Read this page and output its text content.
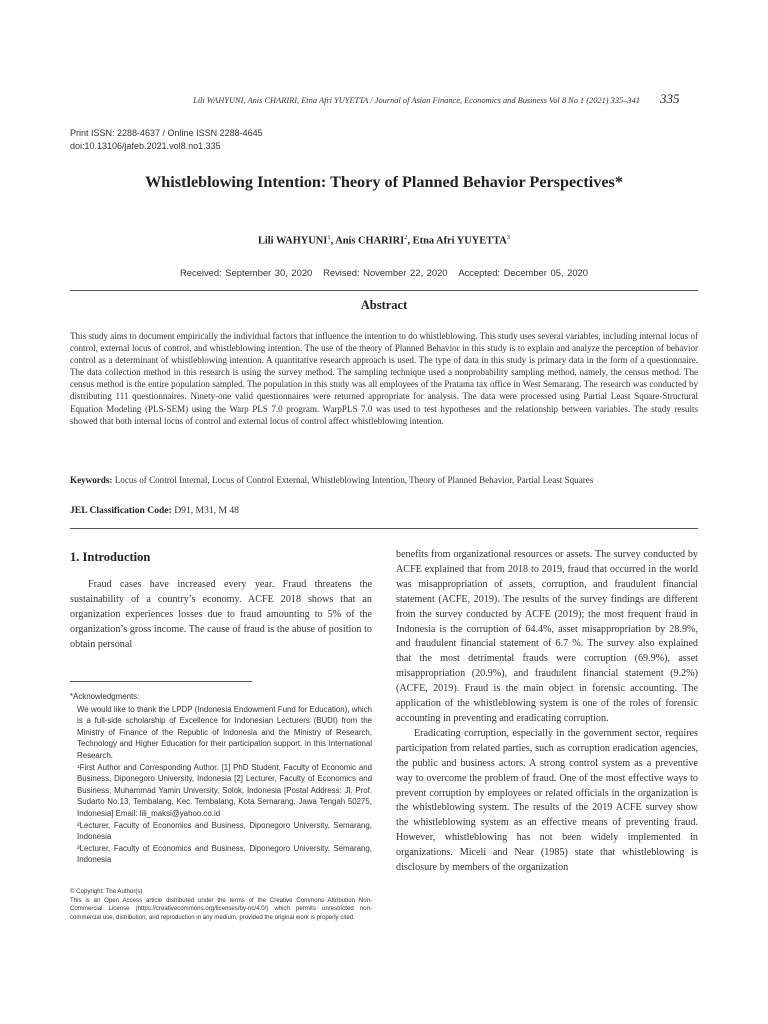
Lili WAHYUNI, Anis CHARIRI, Etna Afri YUYETTA / Journal of Asian Finance, Economics and Business Vol 8 No 1 (2021) 335–341 335
Print ISSN: 2288-4637 / Online ISSN 2288-4645
doi:10.13106/jafeb.2021.vol8.no1.335
Whistleblowing Intention: Theory of Planned Behavior Perspectives*
Lili WAHYUNI$^1$, Anis CHARIRI$^2$, Etna Afri YUYETTA$^3$
Received: September 30, 2020 Revised: November 22, 2020 Accepted: December 05, 2020
Abstract
This study aims to document empirically the individual factors that influence the intention to do whistleblowing. This study uses several variables, including internal locus of control, external locus of control, and whistleblowing intention. The use of the theory of Planned Behavior in this study is to explain and analyze the perception of behavior control as a determinant of whistleblowing intention. A quantitative research approach is used. The type of data in this study is primary data in the form of a questionnaire. The data collection method in this research is using the survey method. The sampling technique used a nonprobability sampling method, namely, the census method. The census method is the entire population sampled. The population in this study was all employees of the Pratama tax office in West Semarang. The research was conducted by distributing 111 questionnaires. Ninety-one valid questionnaires were returned appropriate for analysis. The data were processed using Partial Least Square-Structural Equation Modeling (PLS-SEM) using the Warp PLS 7.0 program. WarpPLS 7.0 was used to test hypotheses and the relationship between variables. The study results showed that both internal locus of control and external locus of control affect whistleblowing intention.
Keywords: Locus of Control Internal, Locus of Control External, Whistleblowing Intention, Theory of Planned Behavior, Partial Least Squares
JEL Classification Code: D91, M31, M 48
1. Introduction

Fraud cases have increased every year. Fraud threatens the sustainability of a country’s economy. ACFE 2018 shows that an organization experiences losses due to fraud amounting to 5% of the organization’s gross income. The cause of fraud is the abuse of position to obtain personal

*Acknowledgments:

We would like to thank the LPDP (Indonesia Endowment Fund for Education), which is a full-side scholarship of Excellence for Indonesian Lecturers (BUDI) from the Ministry of Finance of the Republic of Indonesia and the Ministry of Research, Technology and Higher Education for their participation support. in this International Research.

¹First Author and Corresponding Author. [1] PhD Student, Faculty of Economic and Business, Diponegoro University, Indonesia [2] Lecturer, Faculty of Economics and Business, Muhammad Yamin University, Solok, Indonesia [Postal Address: Jl. Prof. Sudarto No.13, Tembalang, Kec. Tembalang, Kota Semarang, Jawa Tengah 50275, Indonesia] Email: lili_maksi@yahoo.co.id

²Lecturer, Faculty of Economics and Business, Diponegoro University, Semarang, Indonesia

³Lecturer, Faculty of Economics and Business, Diponegoro University, Semarang, Indonesia

© Copyright: The Author(s)

This is an Open Access article distributed under the terms of the Creative Commons Attribution Non-Commercial License (https://creativecommons.org/licenses/by-nc/4.0/) which permits unrestricted non-commercial use, distribution, and reproduction in any medium, provided the original work is properly cited.

benefits from organizational resources or assets. The survey conducted by ACFE explained that from 2018 to 2019, fraud that occurred in the world was misappropriation of assets, corruption, and fraudulent financial statement (ACFE, 2019). The results of the survey findings are different from the survey conducted by ACFE (2019); the most frequent fraud in Indonesia is the corruption of 64.4%, asset misappropriation by 28.9%, and fraudulent financial statement of 6.7 %. The survey also explained that the most detrimental frauds were corruption (69.9%), asset misappropriation (20.9%), and fraudulent financial statement (9.2%) (ACFE, 2019). Fraud is the main object in forensic accounting. The application of the whistleblowing system is one of the roles of forensic accounting in preventing and eradicating corruption.

Eradicating corruption, especially in the government sector, requires participation from related parties, such as corruption eradication agencies, the public and business actors. A strong control system as a preventive way to overcome the problem of fraud. One of the most effective ways to prevent corruption by employees or related officials in the organization is the whistleblowing system. The results of the 2019 ACFE survey show the whistleblowing system as an effective means of preventing fraud. However, whistleblowing has not been widely implemented in organizations. Miceli and Near (1985) state that whistleblowing is disclosure by members of the organization
